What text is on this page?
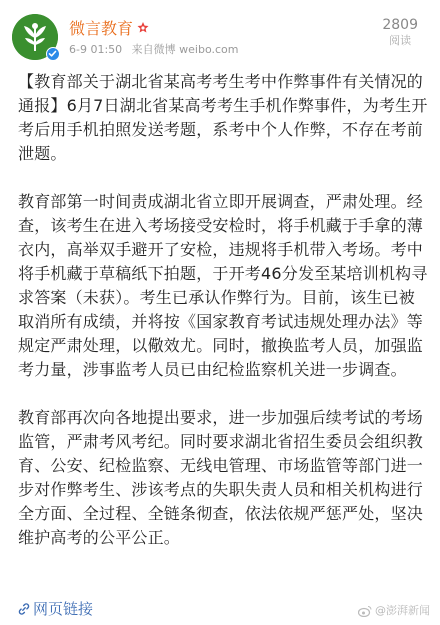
微言教育
6-9 01:50 来自微博 weibo.com
2809
阅读

【教育部关于湖北省某高考考生考中作弊事件有关情况的通报】6月7日湖北省某高考考生手机作弊事件，为考生开考后用手机拍照发送考题，系考中个人作弊，不存在考前泄题。

教育部第一时间责成湖北省立即开展调查，严肃处理。经查，该考生在进入考场接受安检时，将手机藏于手拿的薄衣内，高举双手避开了安检，违规将手机带入考场。考中将手机藏于草稿纸下拍题，于开考46分发至某培训机构寻求答案（未获）。考生已承认作弊行为。目前，该生已被取消所有成绩，并将按《国家教育考试违规处理办法》等规定严肃处理，以儆效尤。同时，撤换监考人员，加强监考力量，涉事监考人员已由纪检监察机关进一步调查。

教育部再次向各地提出要求，进一步加强后续考试的考场监管，严肃考风考纪。同时要求湖北省招生委员会组织教育、公安、纪检监察、无线电管理、市场监管等部门进一步对作弊考生、涉该考点的失职失责人员和相关机构进行全方面、全过程、全链条彻查，依法依规严惩严处，坚决维护高考的公平公正。

网页链接	@澎湃新闻
